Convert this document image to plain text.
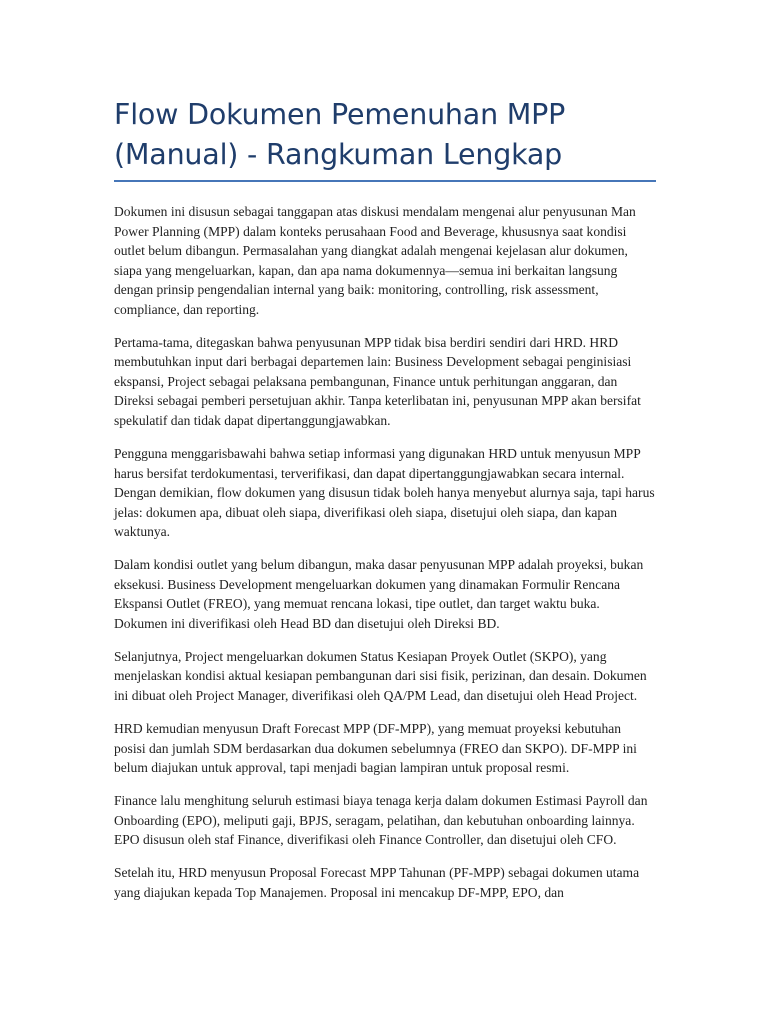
Flow Dokumen Pemenuhan MPP (Manual) - Rangkuman Lengkap

Dokumen ini disusun sebagai tanggapan atas diskusi mendalam mengenai alur penyusunan Man Power Planning (MPP) dalam konteks perusahaan Food and Beverage, khususnya saat kondisi outlet belum dibangun. Permasalahan yang diangkat adalah mengenai kejelasan alur dokumen, siapa yang mengeluarkan, kapan, dan apa nama dokumennya—semua ini berkaitan langsung dengan prinsip pengendalian internal yang baik: monitoring, controlling, risk assessment, compliance, dan reporting.

Pertama-tama, ditegaskan bahwa penyusunan MPP tidak bisa berdiri sendiri dari HRD. HRD membutuhkan input dari berbagai departemen lain: Business Development sebagai penginisiasi ekspansi, Project sebagai pelaksana pembangunan, Finance untuk perhitungan anggaran, dan Direksi sebagai pemberi persetujuan akhir. Tanpa keterlibatan ini, penyusunan MPP akan bersifat spekulatif dan tidak dapat dipertanggungjawabkan.

Pengguna menggarisbawahi bahwa setiap informasi yang digunakan HRD untuk menyusun MPP harus bersifat terdokumentasi, terverifikasi, dan dapat dipertanggungjawabkan secara internal. Dengan demikian, flow dokumen yang disusun tidak boleh hanya menyebut alurnya saja, tapi harus jelas: dokumen apa, dibuat oleh siapa, diverifikasi oleh siapa, disetujui oleh siapa, dan kapan waktunya.

Dalam kondisi outlet yang belum dibangun, maka dasar penyusunan MPP adalah proyeksi, bukan eksekusi. Business Development mengeluarkan dokumen yang dinamakan Formulir Rencana Ekspansi Outlet (FREO), yang memuat rencana lokasi, tipe outlet, dan target waktu buka. Dokumen ini diverifikasi oleh Head BD dan disetujui oleh Direksi BD.

Selanjutnya, Project mengeluarkan dokumen Status Kesiapan Proyek Outlet (SKPO), yang menjelaskan kondisi aktual kesiapan pembangunan dari sisi fisik, perizinan, dan desain. Dokumen ini dibuat oleh Project Manager, diverifikasi oleh QA/PM Lead, dan disetujui oleh Head Project.

HRD kemudian menyusun Draft Forecast MPP (DF-MPP), yang memuat proyeksi kebutuhan posisi dan jumlah SDM berdasarkan dua dokumen sebelumnya (FREO dan SKPO). DF-MPP ini belum diajukan untuk approval, tapi menjadi bagian lampiran untuk proposal resmi.

Finance lalu menghitung seluruh estimasi biaya tenaga kerja dalam dokumen Estimasi Payroll dan Onboarding (EPO), meliputi gaji, BPJS, seragam, pelatihan, dan kebutuhan onboarding lainnya. EPO disusun oleh staf Finance, diverifikasi oleh Finance Controller, dan disetujui oleh CFO.

Setelah itu, HRD menyusun Proposal Forecast MPP Tahunan (PF-MPP) sebagai dokumen utama yang diajukan kepada Top Manajemen. Proposal ini mencakup DF-MPP, EPO, dan
